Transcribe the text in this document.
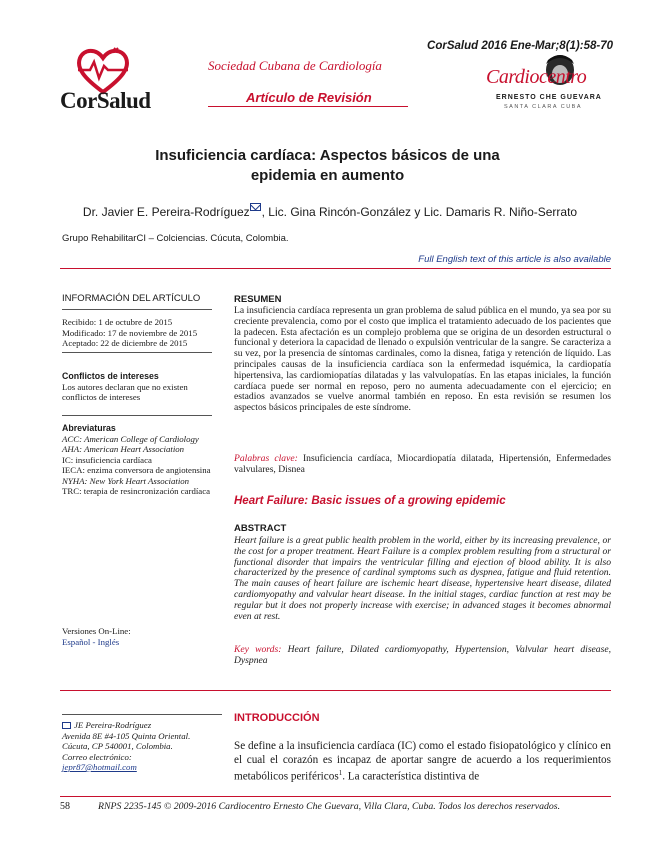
CorSalud
Sociedad Cubana de Cardiología
Artículo de Revisión
CorSalud 2016 Ene-Mar;8(1):58-70
Cardiocentro
ERNESTO CHE GUEVARA
SANTA CLARA CUBA
Insuficiencia cardíaca: Aspectos básicos de una
epidemia en aumento
Dr. Javier E. Pereira-Rodríguez , Lic. Gina Rincón-González y Lic. Damaris R. Niño-Serrato
Grupo RehabilitarCI – Colciencias. Cúcuta, Colombia.
Full English text of this article is also available
INFORMACIÓN DEL ARTÍCULO
Recibido: 1 de octubre de 2015
Modificado: 17 de noviembre de 2015
Aceptado: 22 de diciembre de 2015
Conflictos de intereses
Los autores declaran que no existen conflictos de intereses
Abreviaturas
ACC: American College of Cardiology
AHA: American Heart Association
IC: insuficiencia cardíaca
IECA: enzima conversora de angiotensina
NYHA: New York Heart Association
TRC: terapia de resincronización cardíaca
Versiones On-Line:
Español - Inglés
JE Pereira-Rodríguez
Avenida 8E #4-105 Quinta Oriental.
Cúcuta, CP 540001, Colombia.
Correo electrónico:
jepr87@hotmail.com
RESUMEN
La insuficiencia cardíaca representa un gran problema de salud pública en el mundo, ya sea por su creciente prevalencia, como por el costo que implica el tratamiento adecuado de los pacientes que la padecen. Esta afectación es un complejo problema que se origina de un desorden estructural o funcional y deteriora la capacidad de llenado o expulsión ventricular de la sangre. Se caracteriza a su vez, por la presencia de síntomas cardinales, como la disnea, fatiga y retención de líquido. Las principales causas de la insuficiencia cardíaca son la enfermedad isquémica, la cardiopatía hipertensiva, las cardiomiopatías dilatadas y las valvulopatías. En las etapas iniciales, la función cardíaca puede ser normal en reposo, pero no aumenta adecuadamente con el ejercicio; en estadios avanzados se vuelve anormal también en reposo. En esta revisión se resumen los aspectos básicos principales de este síndrome.
Palabras clave: Insuficiencia cardíaca, Miocardiopatía dilatada, Hipertensión, Enfermedades valvulares, Disnea
Heart Failure: Basic issues of a growing epidemic
ABSTRACT
Heart failure is a great public health problem in the world, either by its increasing prevalence, or the cost for a proper treatment. Heart Failure is a complex problem resulting from a structural or functional disorder that impairs the ventricular filling and ejection of blood ability. It is also characterized by the presence of cardinal symptoms such as dyspnea, fatigue and fluid retention. The main causes of heart failure are ischemic heart disease, hypertensive heart disease, dilated cardiomyopathy and valvular heart disease. In the initial stages, cardiac function at rest may be regular but it does not properly increase with exercise; in advanced stages it becomes abnormal even at rest.
Key words: Heart failure, Dilated cardiomyopathy, Hypertension, Valvular heart disease, Dyspnea
INTRODUCCIÓN
Se define a la insuficiencia cardíaca (IC) como el estado fisiopatológico y clínico en el cual el corazón es incapaz de aportar sangre de acuerdo a los requerimientos metabólicos periféricos$^1$. La característica distintiva de
58	RNPS 2235-145 © 2009-2016 Cardiocentro Ernesto Che Guevara, Villa Clara, Cuba. Todos los derechos reservados.
